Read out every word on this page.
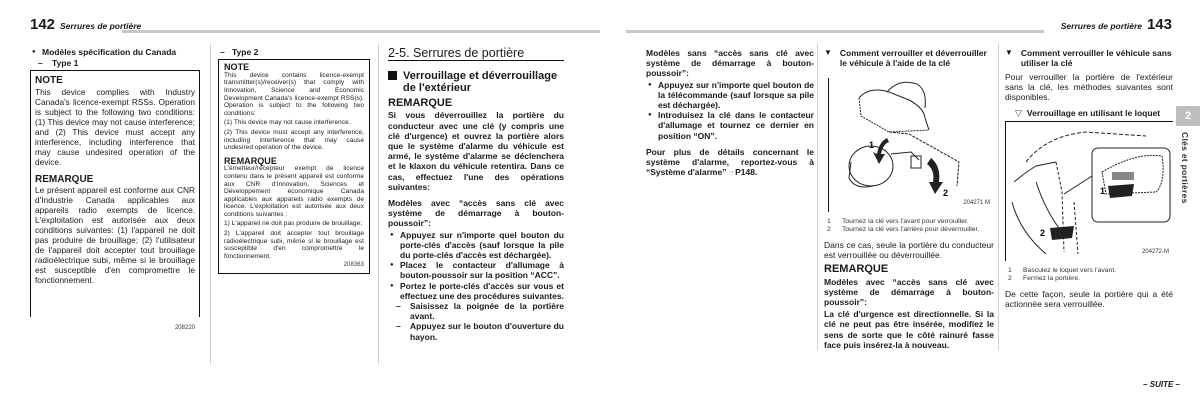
142 Serrures de portière
● Modèles spécification du Canada
– Type 1
NOTE

This device complies with Industry Canada's licence-exempt RSSs. Operation is subject to the following two conditions: (1) This device may not cause interference; and (2) This device must accept any interference, including interference that may cause undesired operation of the device.

REMARQUE

Le présent appareil est conforme aux CNR d'Industrie Canada applicables aux appareils radio exempts de licence. L'exploitation est autorisée aux deux conditions suivantes: (1) l'appareil ne doit pas produire de brouillage; (2) l'utilisateur de l'appareil doit accepter tout brouillage radioélectrique subi, même si le brouillage est susceptible d'en compromettre le fonctionnement.

208220
– Type 2
NOTE

This device contains licence-exempt transmitter(s)/receiver(s) that comply with Innovation, Science and Economic Development Canada's licence-exempt RSS(s). Operation is subject to the following two conditions:

(1) This device may not cause interference.

(2) This device must accept any interference, including interference that may cause undesired operation of the device.

REMARQUE

L'émetteur/récepteur exempt de licence contenu dans le présent appareil est conforme aux CNR d'Innovation, Sciences et Développement économique Canada applicables aux appareils radio exempts de licence. L'exploitation est autorisée aux deux conditions suivantes :

1) L'appareil ne doit pas produire de brouillage;

2) L'appareil doit accepter tout brouillage radioélectrique subi, même si le brouillage est susceptible d'en compromettre le fonctionnement.

208363
2-5. Serrures de portière
Verrouillage et déverrouillage de l'extérieur
REMARQUE

Si vous déverrouillez la portière du conducteur avec une clé (y compris une clé d'urgence) et ouvrez la portière alors que le système d'alarme du véhicule est armé, le système d'alarme se déclenchera et le klaxon du véhicule retentira. Dans ce cas, effectuez l'une des opérations suivantes:

Modèles avec “accès sans clé avec système de démarrage à bouton-poussoir”:

● Appuyez sur n'importe quel bouton du porte-clés d'accès (sauf lorsque la pile du porte-clés d'accès est déchargée).
● Placez le contacteur d'allumage à bouton-poussoir sur la position “ACC”.
● Portez le porte-clés d'accès sur vous et effectuez une des procédures suivantes.
– Saisissez la poignée de la portière avant.
– Appuyez sur le bouton d'ouverture du hayon.
Serrures de portière 143

Modèles sans “accès sans clé avec système de démarrage à bouton-poussoir”:

● Appuyez sur n'importe quel bouton de la télécommande (sauf lorsque sa pile est déchargée).
● Introduisez la clé dans le contacteur d'allumage et tournez ce dernier en position “ON”.

Pour plus de détails concernant le système d'alarme, reportez-vous à “Système d'alarme” ☞P148.

▼ Comment verrouiller et déverrouiller le véhicule à l'aide de la clé
1
2
204271 M
1	Tournez la clé vers l'avant pour verrouiller.
2	Tournez la clé vers l'arrière pour déverrouiller.

Dans ce cas, seule la portière du conducteur est verrouillée ou déverrouillée.

REMARQUE

Modèles avec “accès sans clé avec système de démarrage à bouton-poussoir”:

La clé d'urgence est directionnelle. Si la clé ne peut pas être insérée, modifiez le sens de sorte que le côté rainuré fasse face puis insérez-la à nouveau.

▼ Comment verrouiller le véhicule sans utiliser la clé

Pour verrouiller la portière de l'extérieur sans la clé, les méthodes suivantes sont disponibles.

▽ Verrouillage en utilisant le loquet
1
2
204272-M
1	Basculez le loquet vers l'avant.
2	Fermez la portière.

De cette façon, seule la portière qui a été actionnée sera verrouillée.

2
Clés et portières
– SUITE –
